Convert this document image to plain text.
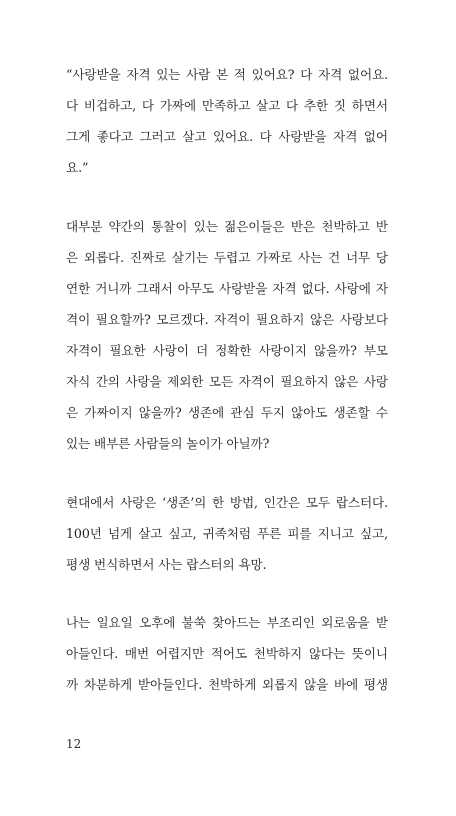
“사랑받을 자격 있는 사람 본 적 있어요? 다 자격 없어요.
다 비겁하고, 다 가짜에 만족하고 살고 다 추한 짓 하면서
그게 좋다고 그러고 살고 있어요. 다 사랑받을 자격 없어
요.”
대부분 약간의 통찰이 있는 젊은이들은 반은 천박하고 반
은 외롭다. 진짜로 살기는 두렵고 가짜로 사는 건 너무 당
연한 거니까 그래서 아무도 사랑받을 자격 없다. 사랑에 자
격이 필요할까? 모르겠다. 자격이 필요하지 않은 사랑보다
자격이 필요한 사랑이 더 정확한 사랑이지 않을까? 부모
자식 간의 사랑을 제외한 모든 자격이 필요하지 않은 사랑
은 가짜이지 않을까? 생존에 관심 두지 않아도 생존할 수
있는 배부른 사람들의 놀이가 아닐까?
현대에서 사랑은 ‘생존’의 한 방법, 인간은 모두 랍스터다.
100년 넘게 살고 싶고, 귀족처럼 푸른 피를 지니고 싶고,
평생 번식하면서 사는 랍스터의 욕망.
나는 일요일 오후에 불쑥 찾아드는 부조리인 외로움을 받
아들인다. 매번 어렵지만 적어도 천박하지 않다는 뜻이니
까 차분하게 받아들인다. 천박하게 외롭지 않을 바에 평생
12
